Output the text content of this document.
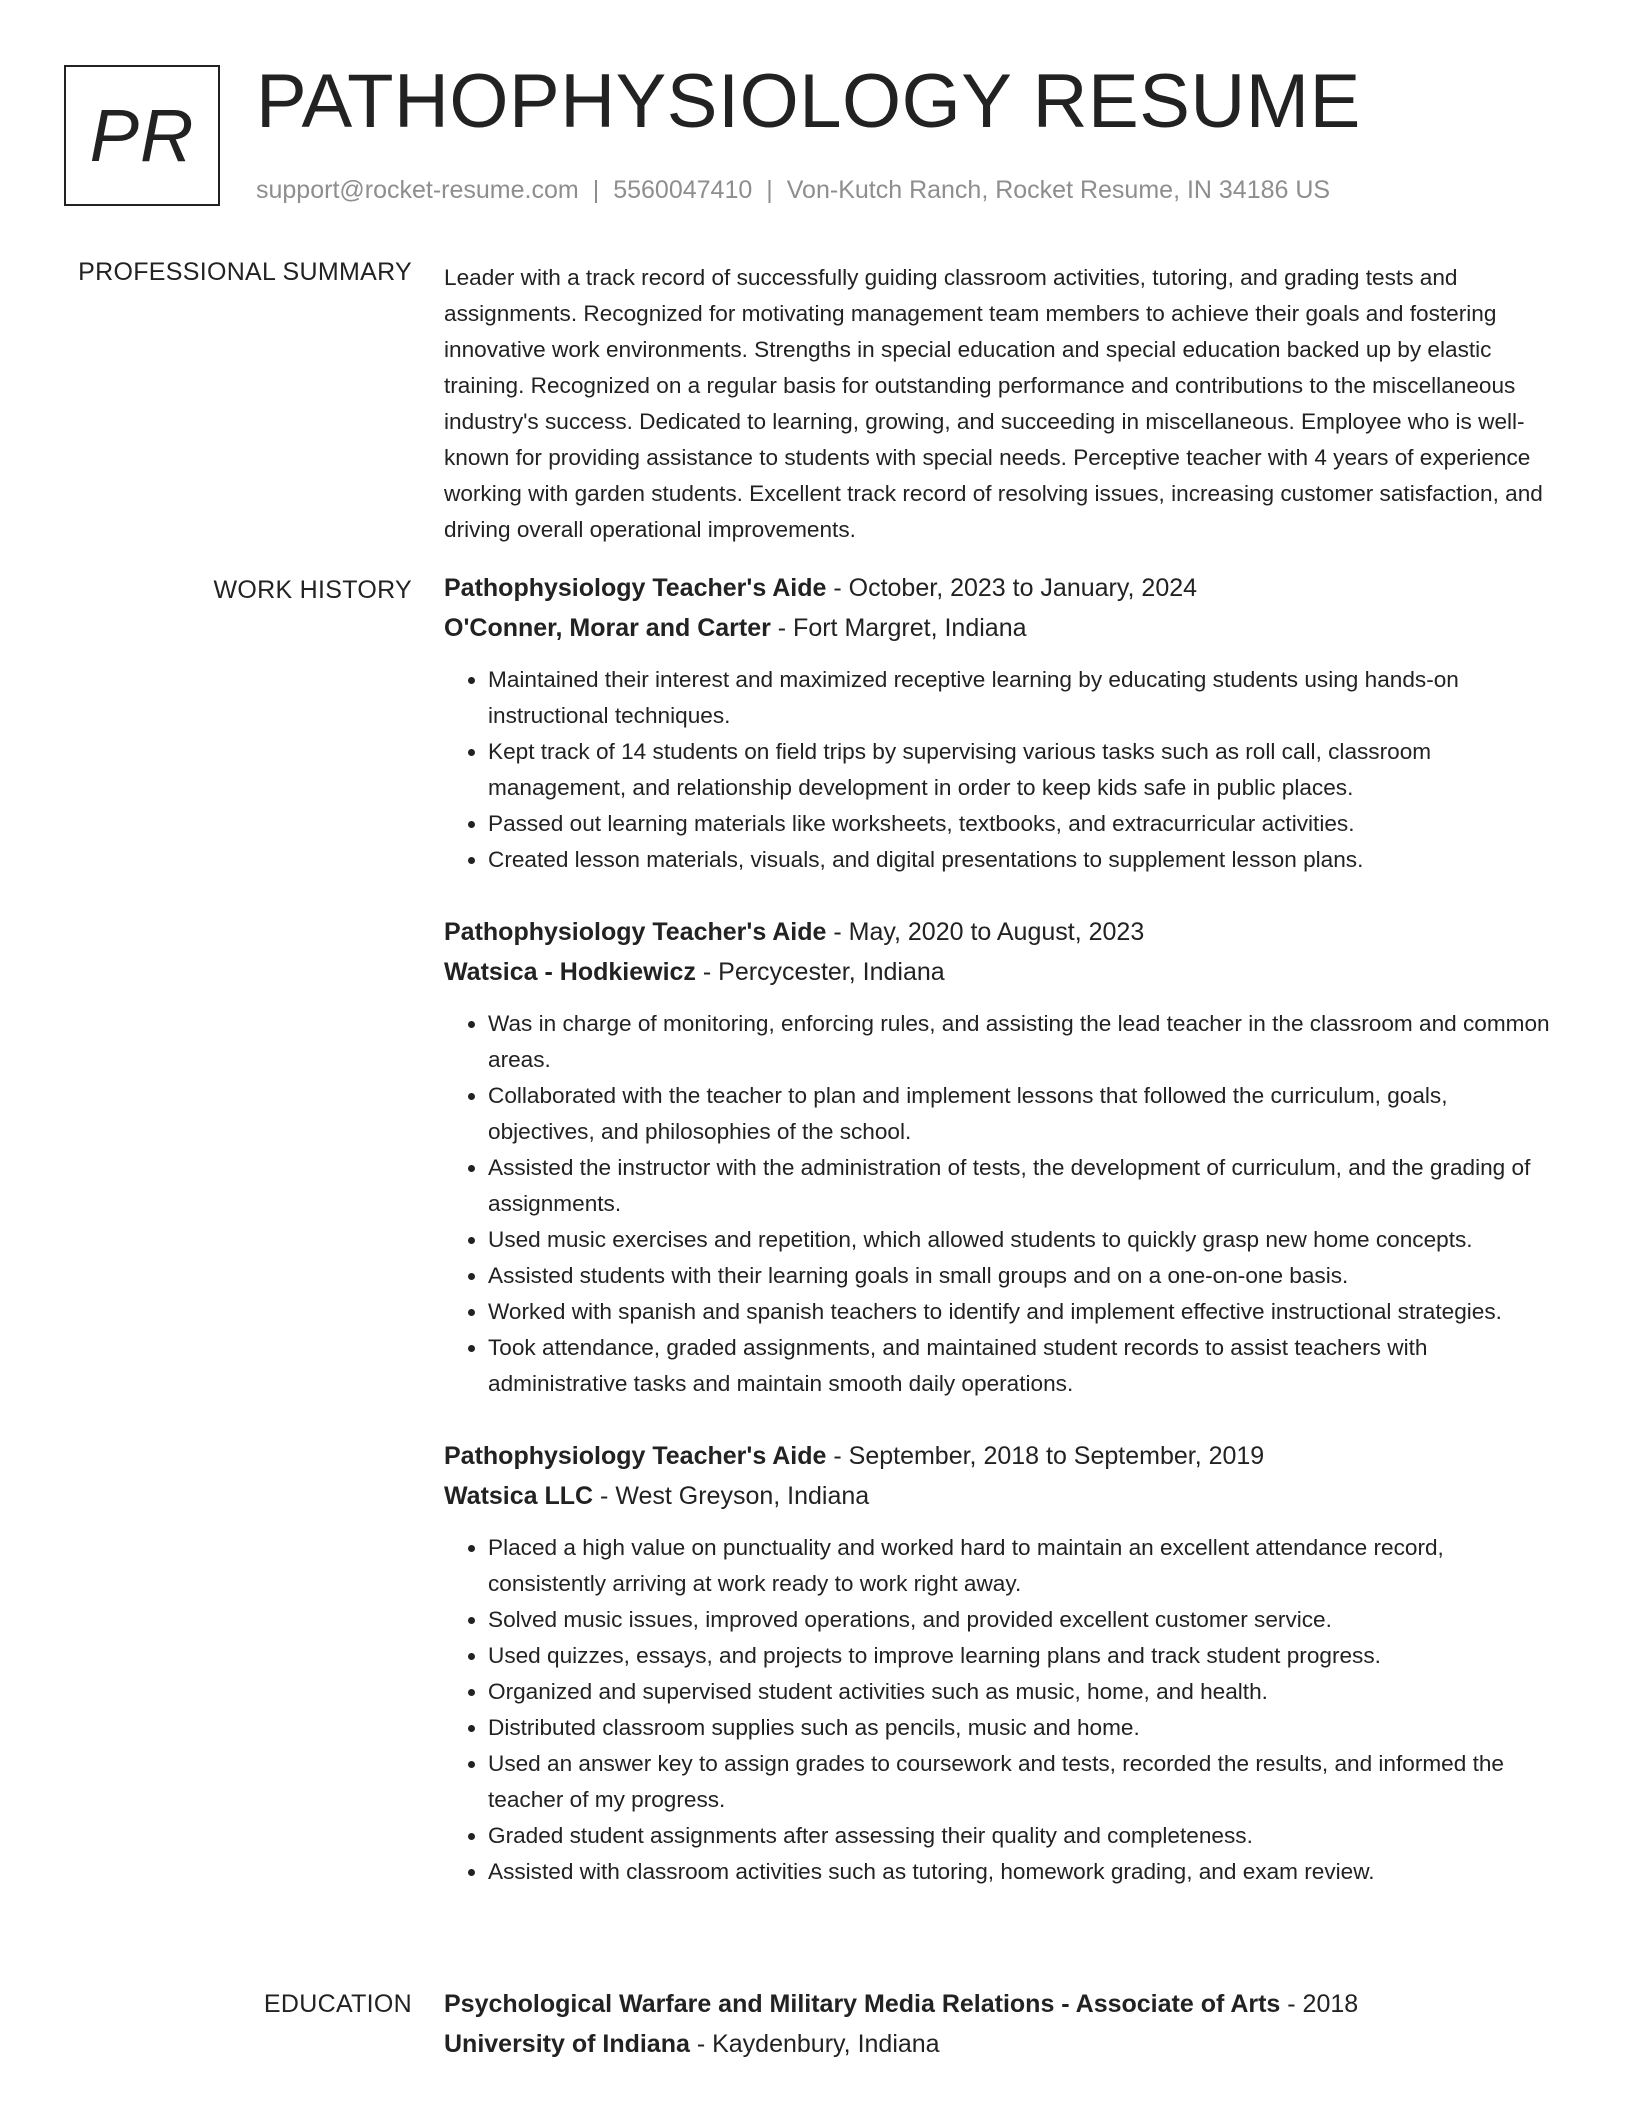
PR PATHOPHYSIOLOGY RESUME
support@rocket-resume.com | 5560047410 | Von-Kutch Ranch, Rocket Resume, IN 34186 US
PROFESSIONAL SUMMARY Leader with a track record of successfully guiding classroom activities, tutoring, and grading tests and assignments. Recognized for motivating management team members to achieve their goals and fostering innovative work environments. Strengths in special education and special education backed up by elastic training. Recognized on a regular basis for outstanding performance and contributions to the miscellaneous industry's success. Dedicated to learning, growing, and succeeding in miscellaneous. Employee who is well-known for providing assistance to students with special needs. Perceptive teacher with 4 years of experience working with garden students. Excellent track record of resolving issues, increasing customer satisfaction, and driving overall operational improvements.
WORK HISTORY Pathophysiology Teacher's Aide - October, 2023 to January, 2024
O'Conner, Morar and Carter - Fort Margret, Indiana
• Maintained their interest and maximized receptive learning by educating students using hands-on instructional techniques.
• Kept track of 14 students on field trips by supervising various tasks such as roll call, classroom management, and relationship development in order to keep kids safe in public places.
• Passed out learning materials like worksheets, textbooks, and extracurricular activities.
• Created lesson materials, visuals, and digital presentations to supplement lesson plans.
Pathophysiology Teacher's Aide - May, 2020 to August, 2023
Watsica - Hodkiewicz - Percycester, Indiana
• Was in charge of monitoring, enforcing rules, and assisting the lead teacher in the classroom and common areas.
• Collaborated with the teacher to plan and implement lessons that followed the curriculum, goals, objectives, and philosophies of the school.
• Assisted the instructor with the administration of tests, the development of curriculum, and the grading of assignments.
• Used music exercises and repetition, which allowed students to quickly grasp new home concepts.
• Assisted students with their learning goals in small groups and on a one-on-one basis.
• Worked with spanish and spanish teachers to identify and implement effective instructional strategies.
• Took attendance, graded assignments, and maintained student records to assist teachers with administrative tasks and maintain smooth daily operations.
Pathophysiology Teacher's Aide - September, 2018 to September, 2019
Watsica LLC - West Greyson, Indiana
• Placed a high value on punctuality and worked hard to maintain an excellent attendance record, consistently arriving at work ready to work right away.
• Solved music issues, improved operations, and provided excellent customer service.
• Used quizzes, essays, and projects to improve learning plans and track student progress.
• Organized and supervised student activities such as music, home, and health.
• Distributed classroom supplies such as pencils, music and home.
• Used an answer key to assign grades to coursework and tests, recorded the results, and informed the teacher of my progress.
• Graded student assignments after assessing their quality and completeness.
• Assisted with classroom activities such as tutoring, homework grading, and exam review.
EDUCATION Psychological Warfare and Military Media Relations - Associate of Arts - 2018
University of Indiana - Kaydenbury, Indiana
